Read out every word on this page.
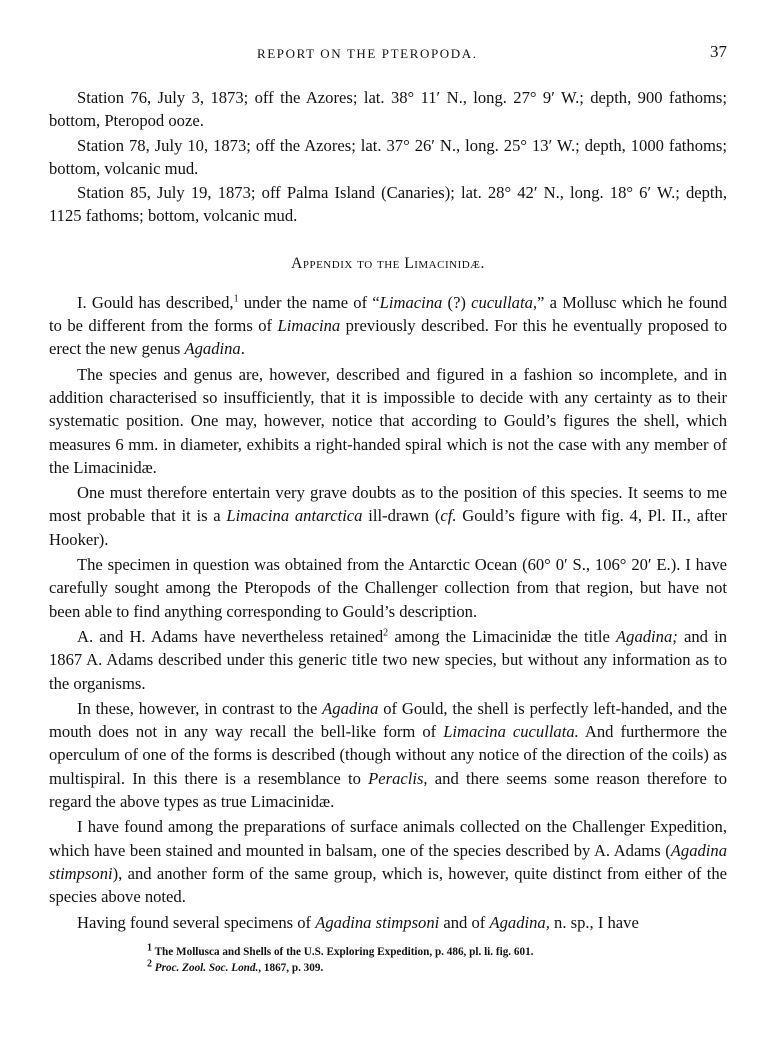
REPORT ON THE PTEROPODA.	37

Station 76, July 3, 1873; off the Azores; lat. 38° 11′ N., long. 27° 9′ W.; depth, 900 fathoms; bottom, Pteropod ooze.

Station 78, July 10, 1873; off the Azores; lat. 37° 26′ N., long. 25° 13′ W.; depth, 1000 fathoms; bottom, volcanic mud.

Station 85, July 19, 1873; off Palma Island (Canaries); lat. 28° 42′ N., long. 18° 6′ W.; depth, 1125 fathoms; bottom, volcanic mud.

Appendix to the Limacinidæ.

I. Gould has described,$^1$ under the name of “Limacina (?) cucullata,” a Mollusc which he found to be different from the forms of Limacina previously described. For this he eventually proposed to erect the new genus Agadina.

The species and genus are, however, described and figured in a fashion so incomplete, and in addition characterised so insufficiently, that it is impossible to decide with any certainty as to their systematic position. One may, however, notice that according to Gould’s figures the shell, which measures 6 mm. in diameter, exhibits a right-handed spiral which is not the case with any member of the Limacinidæ.

One must therefore entertain very grave doubts as to the position of this species. It seems to me most probable that it is a Limacina antarctica ill-drawn (cf. Gould’s figure with fig. 4, Pl. II., after Hooker).

The specimen in question was obtained from the Antarctic Ocean (60° 0′ S., 106° 20′ E.). I have carefully sought among the Pteropods of the Challenger collection from that region, but have not been able to find anything corresponding to Gould’s description.

A. and H. Adams have nevertheless retained$^2$ among the Limacinidæ the title Agadina; and in 1867 A. Adams described under this generic title two new species, but without any information as to the organisms.

In these, however, in contrast to the Agadina of Gould, the shell is perfectly left-handed, and the mouth does not in any way recall the bell-like form of Limacina cucullata. And furthermore the operculum of one of the forms is described (though without any notice of the direction of the coils) as multispiral. In this there is a resemblance to Peraclis, and there seems some reason therefore to regard the above types as true Limacinidæ.

I have found among the preparations of surface animals collected on the Challenger Expedition, which have been stained and mounted in balsam, one of the species described by A. Adams (Agadina stimpsoni), and another form of the same group, which is, however, quite distinct from either of the species above noted.

Having found several specimens of Agadina stimpsoni and of Agadina, n. sp., I have

$^1$ The Mollusca and Shells of the U.S. Exploring Expedition, p. 486, pl. li. fig. 601.
$^2$ Proc. Zool. Soc. Lond., 1867, p. 309.
